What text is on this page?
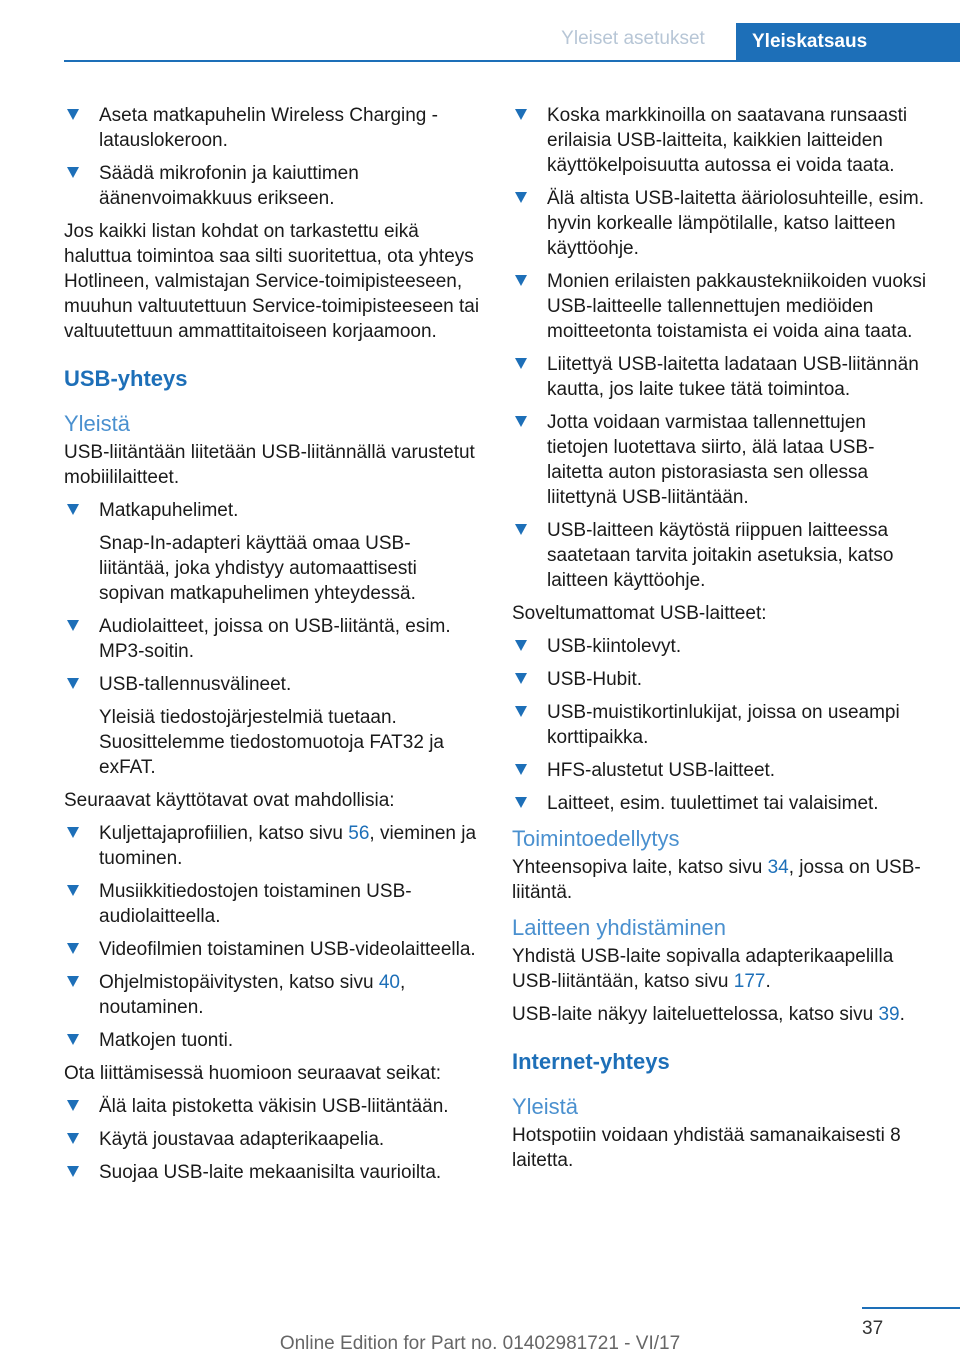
Yleiset asetukset	Yleiskatsaus
Aseta matkapuhelin Wireless Charging -latauslokeroon.
Säädä mikrofonin ja kaiuttimen äänenvoimakkuus erikseen.
Jos kaikki listan kohdat on tarkastettu eikä haluttua toimintoa saa silti suoritettua, ota yhteys Hotlineen, valmistajan Service-toimipisteeseen, muuhun valtuutettuun Service-toimipisteeseen tai valtuutettuun ammattitaitoiseen korjaamoon.
USB-yhteys
Yleistä
USB-liitäntään liitetään USB-liitännällä varustetut mobiililaitteet.
Matkapuhelimet.
Snap-In-adapteri käyttää omaa USB-liitäntää, joka yhdistyy automaattisesti sopivan matkapuhelimen yhteydessä.
Audiolaitteet, joissa on USB-liitäntä, esim. MP3-soitin.
USB-tallennusvälineet.
Yleisiä tiedostojärjestelmiä tuetaan. Suosittelemme tiedostomuotoja FAT32 ja exFAT.
Seuraavat käyttötavat ovat mahdollisia:
Kuljettajaprofiilien, katso sivu 56, vieminen ja tuominen.
Musiikkitiedostojen toistaminen USB-audiolaitteella.
Videofilmien toistaminen USB-videolaitteella.
Ohjelmistopäivitysten, katso sivu 40, noutaminen.
Matkojen tuonti.
Ota liittämisessä huomioon seuraavat seikat:
Älä laita pistoketta väkisin USB-liitäntään.
Käytä joustavaa adapterikaapelia.
Suojaa USB-laite mekaanisilta vaurioilta.
Koska markkinoilla on saatavana runsaasti erilaisia USB-laitteita, kaikkien laitteiden käyttökelpoisuutta autossa ei voida taata.
Älä altista USB-laitetta ääriolosuhteille, esim. hyvin korkealle lämpötilalle, katso laitteen käyttöohje.
Monien erilaisten pakkaustekniikoiden vuoksi USB-laitteelle tallennettujen mediöiden moitteetonta toistamista ei voida aina taata.
Liitettyä USB-laitetta ladataan USB-liitännän kautta, jos laite tukee tätä toimintoa.
Jotta voidaan varmistaa tallennettujen tietojen luotettava siirto, älä lataa USB-laitetta auton pistorasiasta sen ollessa liitettynä USB-liitäntään.
USB-laitteen käytöstä riippuen laitteessa saatetaan tarvita joitakin asetuksia, katso laitteen käyttöohje.
Soveltumattomat USB-laitteet:
USB-kiintolevyt.
USB-Hubit.
USB-muistikortinlukijat, joissa on useampi korttipaikka.
HFS-alustetut USB-laitteet.
Laitteet, esim. tuulettimet tai valaisimet.
Toimintoedellytys
Yhteensopiva laite, katso sivu 34, jossa on USB-liitäntä.
Laitteen yhdistäminen
Yhdistä USB-laite sopivalla adapterikaapelilla USB-liitäntään, katso sivu 177.
USB-laite näkyy laiteluettelossa, katso sivu 39.
Internet-yhteys
Yleistä
Hotspotiin voidaan yhdistää samanaikaisesti 8 laitetta.
37
Online Edition for Part no. 01402981721 - VI/17
